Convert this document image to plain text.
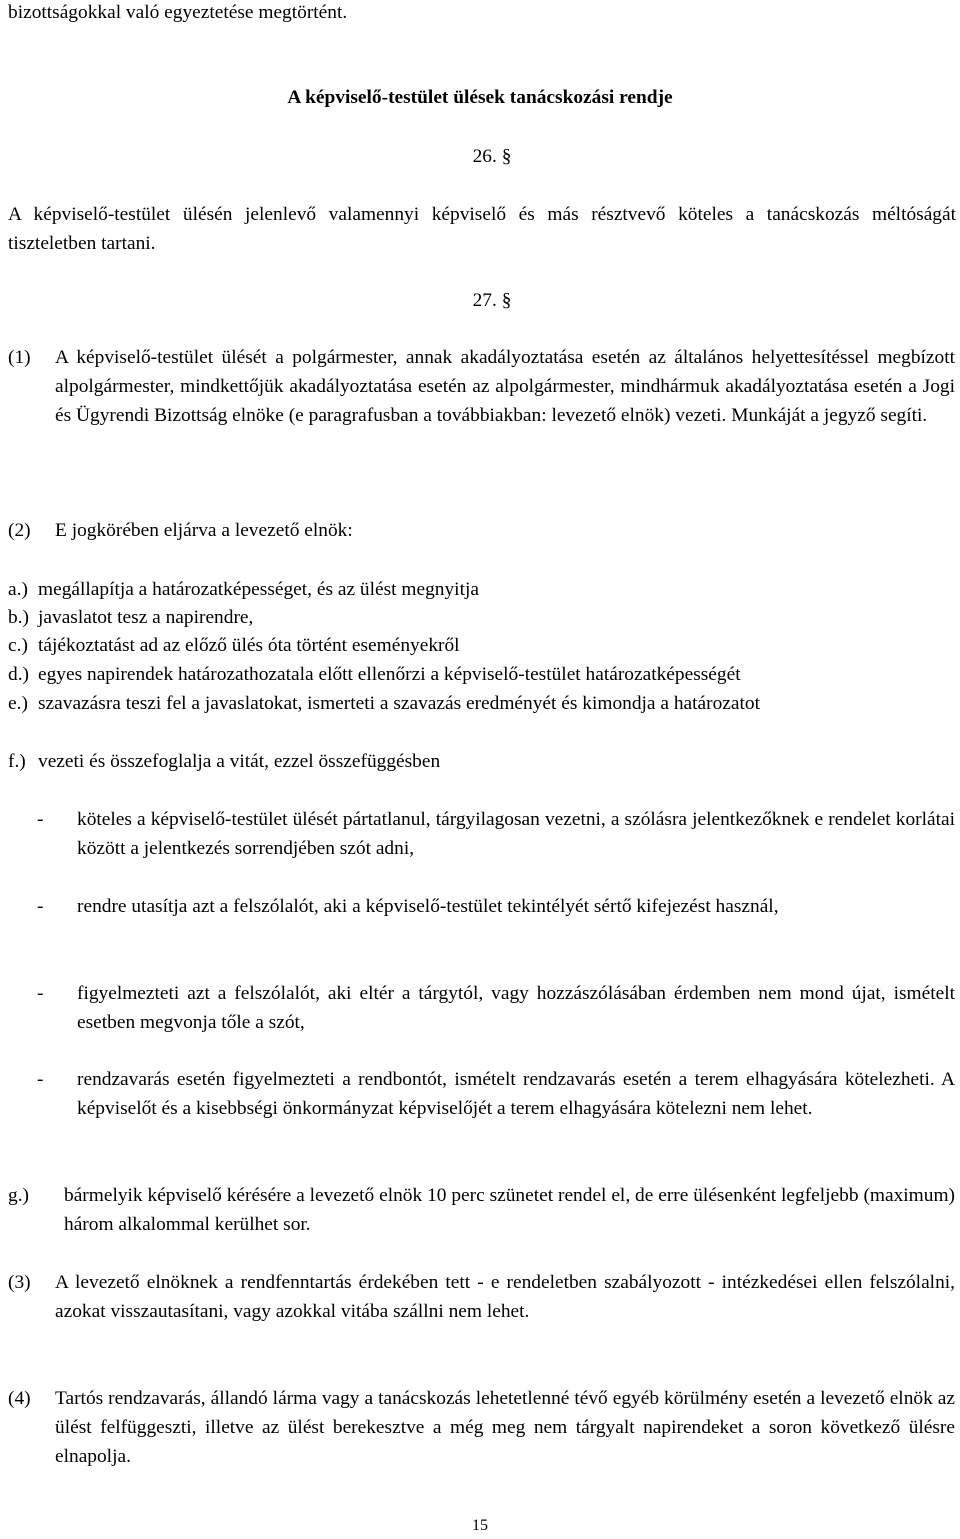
bizottságokkal való egyeztetése megtörtént.

A képviselő-testület ülések tanácskozási rendje

26. §

A képviselő-testület ülésén jelenlevő valamennyi képviselő és más résztvevő köteles a tanácskozás méltóságát tiszteletben tartani.

27. §

(1) A képviselő-testület ülését a polgármester, annak akadályoztatása esetén az általános helyettesítéssel megbízott alpolgármester, mindkettőjük akadályoztatása esetén az alpolgármester, mindhármuk akadályoztatása esetén a Jogi és Ügyrendi Bizottság elnöke (e paragrafusban a továbbiakban: levezető elnök) vezeti. Munkáját a jegyző segíti.
(2) E jogkörében eljárva a levezető elnök:
a.) megállapítja a határozatképességet, és az ülést megnyitja
b.) javaslatot tesz a napirendre,
c.) tájékoztatást ad az előző ülés óta történt eseményekről
d.) egyes napirendek határozathozatala előtt ellenőrzi a képviselő-testület határozatképességét
e.) szavazásra teszi fel a javaslatokat, ismerteti a szavazás eredményét és kimondja a határozatot
f.) vezeti és összefoglalja a vitát, ezzel összefüggésben
- köteles a képviselő-testület ülését pártatlanul, tárgyilagosan vezetni, a szólásra jelentkezőknek e rendelet korlátai között a jelentkezés sorrendjében szót adni,
- rendre utasítja azt a felszólalót, aki a képviselő-testület tekintélyét sértő kifejezést használ,
- figyelmezteti azt a felszólalót, aki eltér a tárgytól, vagy hozzászólásában érdemben nem mond újat, ismételt esetben megvonja tőle a szót,
- rendzavarás esetén figyelmezteti a rendbontót, ismételt rendzavarás esetén a terem elhagyására kötelezheti. A képviselőt és a kisebbségi önkormányzat képviselőjét a terem elhagyására kötelezni nem lehet.
g.) bármelyik képviselő kérésére a levezető elnök 10 perc szünetet rendel el, de erre ülésenként legfeljebb (maximum) három alkalommal kerülhet sor.
(3) A levezető elnöknek a rendfenntartás érdekében tett - e rendeletben szabályozott - intézkedései ellen felszólalni, azokat visszautasítani, vagy azokkal vitába szállni nem lehet.
(4) Tartós rendzavarás, állandó lárma vagy a tanácskozás lehetetlenné tévő egyéb körülmény esetén a levezető elnök az ülést felfüggeszti, illetve az ülést berekesztve a még meg nem tárgyalt napirendeket a soron következő ülésre elnapolja.
15
